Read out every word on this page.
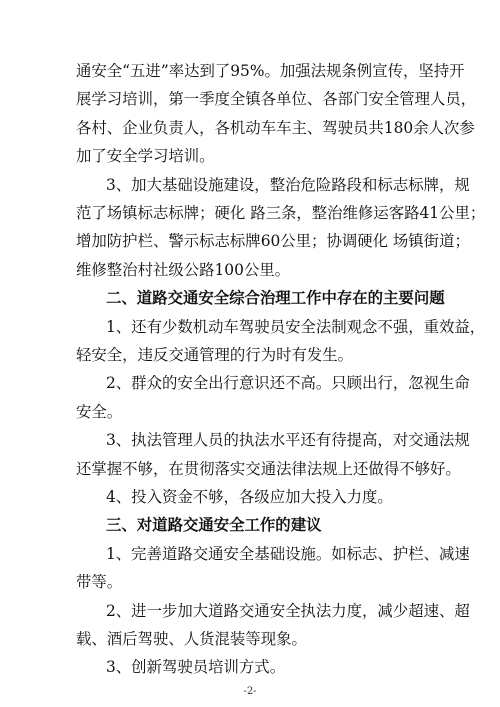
通安全“五进”率达到了95%。加强法规条例宣传，坚持开
展学习培训，第一季度全镇各单位、各部门安全管理人员，
各村、企业负责人，各机动车车主、驾驶员共180余人次参
加了安全学习培训。
3、加大基础设施建设，整治危险路段和标志标牌，规
范了场镇标志标牌；硬化 路三条，整治维修运客路41公里；
增加防护栏、警示标志标牌60公里；协调硬化 场镇街道；
维修整治村社级公路100公里。
二、道路交通安全综合治理工作中存在的主要问题
1、还有少数机动车驾驶员安全法制观念不强，重效益，
轻安全，违反交通管理的行为时有发生。
2、群众的安全出行意识还不高。只顾出行，忽视生命
安全。
3、执法管理人员的执法水平还有待提高，对交通法规
还掌握不够，在贯彻落实交通法律法规上还做得不够好。
4、投入资金不够，各级应加大投入力度。
三、对道路交通安全工作的建议
1、完善道路交通安全基础设施。如标志、护栏、减速
带等。
2、进一步加大道路交通安全执法力度，减少超速、超
载、酒后驾驶、人货混装等现象。
3、创新驾驶员培训方式。
-2-
